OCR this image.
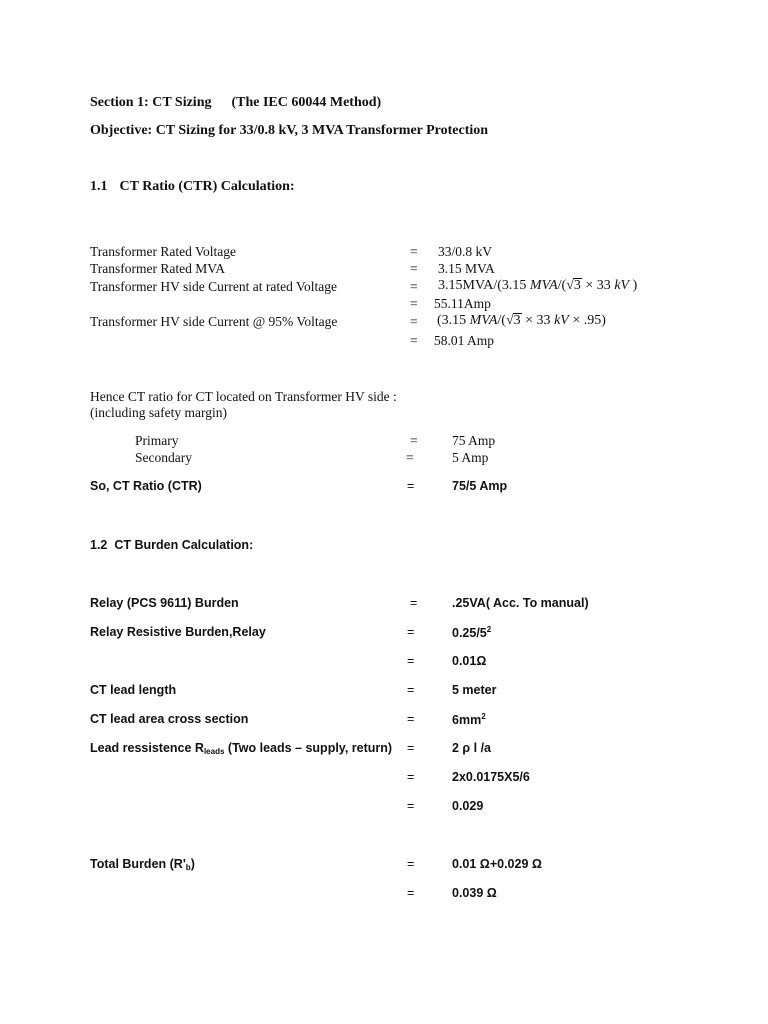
Section 1: CT Sizing (The IEC 60044 Method)
Objective: CT Sizing for 33/0.8 kV, 3 MVA Transformer Protection
1.1 CT Ratio (CTR) Calculation:
Transformer Rated Voltage	= 33/0.8 kV
Transformer Rated MVA	= 3.15 MVA
Transformer HV side Current at rated Voltage	= 3.15MVA/(3.15 MVA/(√3 × 33 kV )
= 55.11Amp
Transformer HV side Current @ 95% Voltage	= (3.15 MVA/(√3 × 33 kV × .95)
= 58.01 Amp
Hence CT ratio for CT located on Transformer HV side :
(including safety margin)
Primary	=	75 Amp
Secondary	=	5 Amp
So, CT Ratio (CTR)	=	75/5 Amp
1.2 CT Burden Calculation:
Relay (PCS 9611) Burden	=	.25VA( Acc. To manual)
Relay Resistive Burden,Relay	=	$0.25/5^2$
=	0.01Ω
CT lead length	=	5 meter
CT lead area cross section	=	$6mm^2$
Lead ressistence $R_{leads}$ (Two leads – supply, return) =	2 ρ l /a
=	2x0.0175X5/6
=	0.029
Total Burden $(R'_b)$	=	0.01 Ω+0.029 Ω
=	0.039 Ω
